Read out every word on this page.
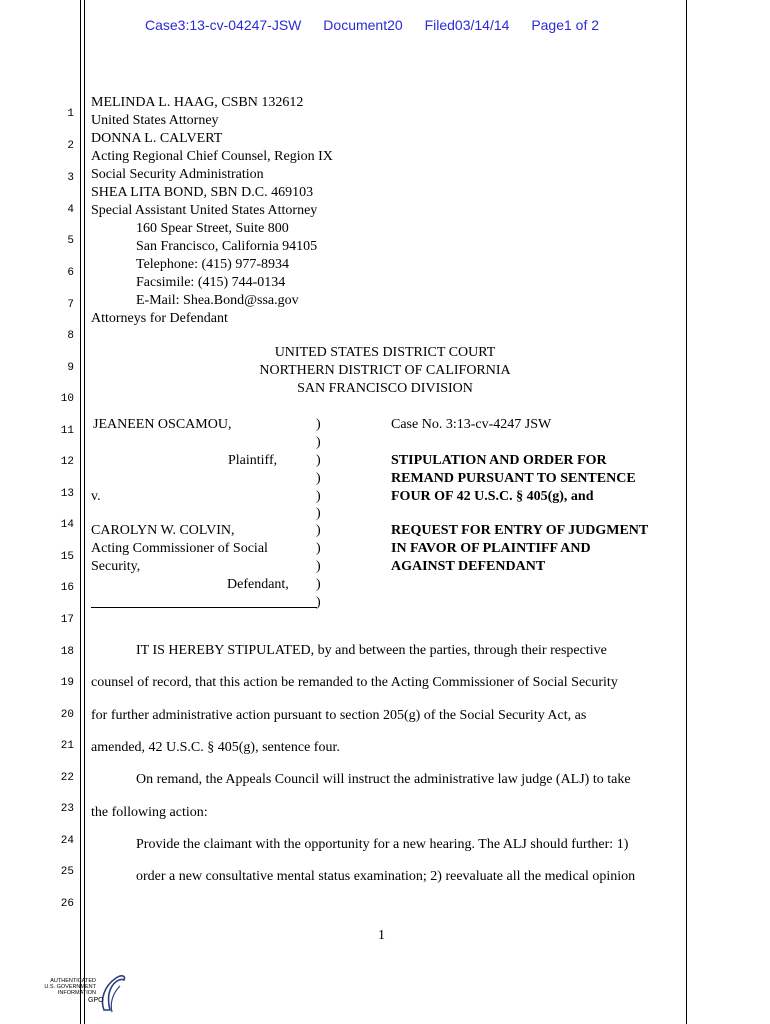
Case3:13-cv-04247-JSW Document20 Filed03/14/14 Page1 of 2
1
2
3
4
5
6
7
8
9
10
11
12
13
14
15
16
17
18
19
20
21
22
23
24
25
26
MELINDA L. HAAG, CSBN 132612
United States Attorney
DONNA L. CALVERT
Acting Regional Chief Counsel, Region IX
Social Security Administration
SHEA LITA BOND, SBN D.C. 469103
Special Assistant United States Attorney
160 Spear Street, Suite 800
San Francisco, California 94105
Telephone: (415) 977-8934
Facsimile: (415) 744-0134
E-Mail: Shea.Bond@ssa.gov
Attorneys for Defendant
UNITED STATES DISTRICT COURT
NORTHERN DISTRICT OF CALIFORNIA
SAN FRANCISCO DIVISION
JEANEEN OSCAMOU,
Plaintiff,
v.
CAROLYN W. COLVIN,
Acting Commissioner of Social
Security,
Defendant,
)
)
)
)
)
)
)
)
)
)
)
Case No. 3:13-cv-4247 JSW
STIPULATION AND ORDER FOR
REMAND PURSUANT TO SENTENCE
FOUR OF 42 U.S.C. § 405(g), and
REQUEST FOR ENTRY OF JUDGMENT
IN FAVOR OF PLAINTIFF AND
AGAINST DEFENDANT
IT IS HEREBY STIPULATED, by and between the parties, through their respective
counsel of record, that this action be remanded to the Acting Commissioner of Social Security
for further administrative action pursuant to section 205(g) of the Social Security Act, as
amended, 42 U.S.C. § 405(g), sentence four.
On remand, the Appeals Council will instruct the administrative law judge (ALJ) to take
the following action:
Provide the claimant with the opportunity for a new hearing. The ALJ should further: 1)
order a new consultative mental status examination; 2) reevaluate all the medical opinion
1
AUTHENTICATED
U.S. GOVERNMENT
INFORMATION
GPO
